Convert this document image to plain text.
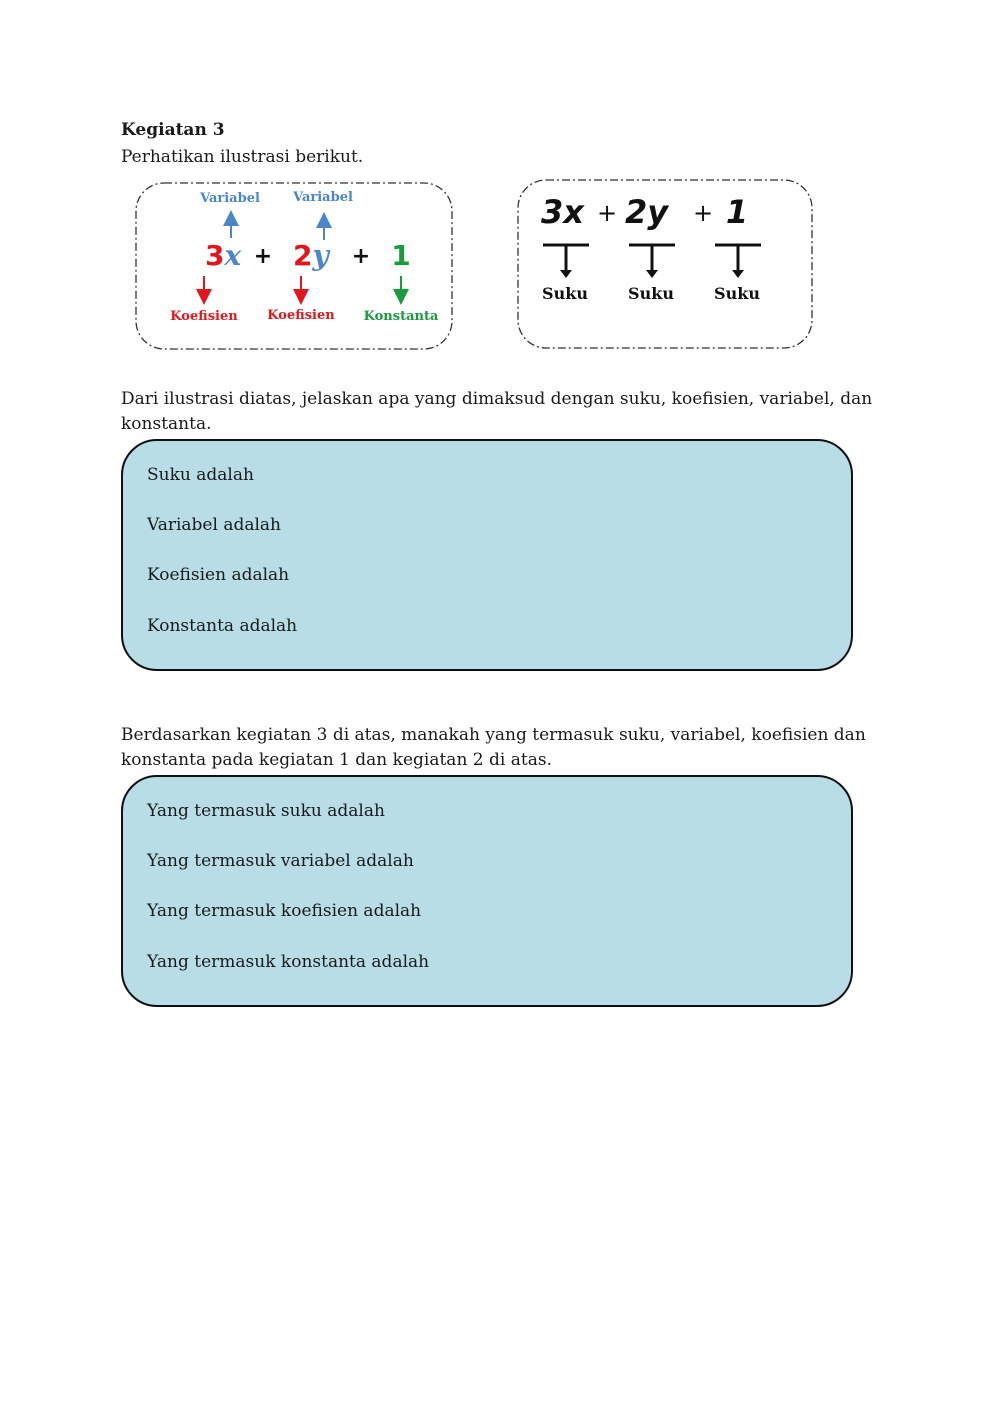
Kegiatan 3
Perhatikan ilustrasi berikut.
Variabel	Variabel
3x + 2y + 1
Koefisien Koefisien Konstanta
3x + 2y + 1
Suku	Suku	Suku
Dari ilustrasi diatas, jelaskan apa yang dimaksud dengan suku, koefisien, variabel, dan konstanta.
Suku adalah
Variabel adalah
Koefisien adalah
Konstanta adalah
Berdasarkan kegiatan 3 di atas, manakah yang termasuk suku, variabel, koefisien dan konstanta pada kegiatan 1 dan kegiatan 2 di atas.
Yang termasuk suku adalah
Yang termasuk variabel adalah
Yang termasuk koefisien adalah
Yang termasuk konstanta adalah
